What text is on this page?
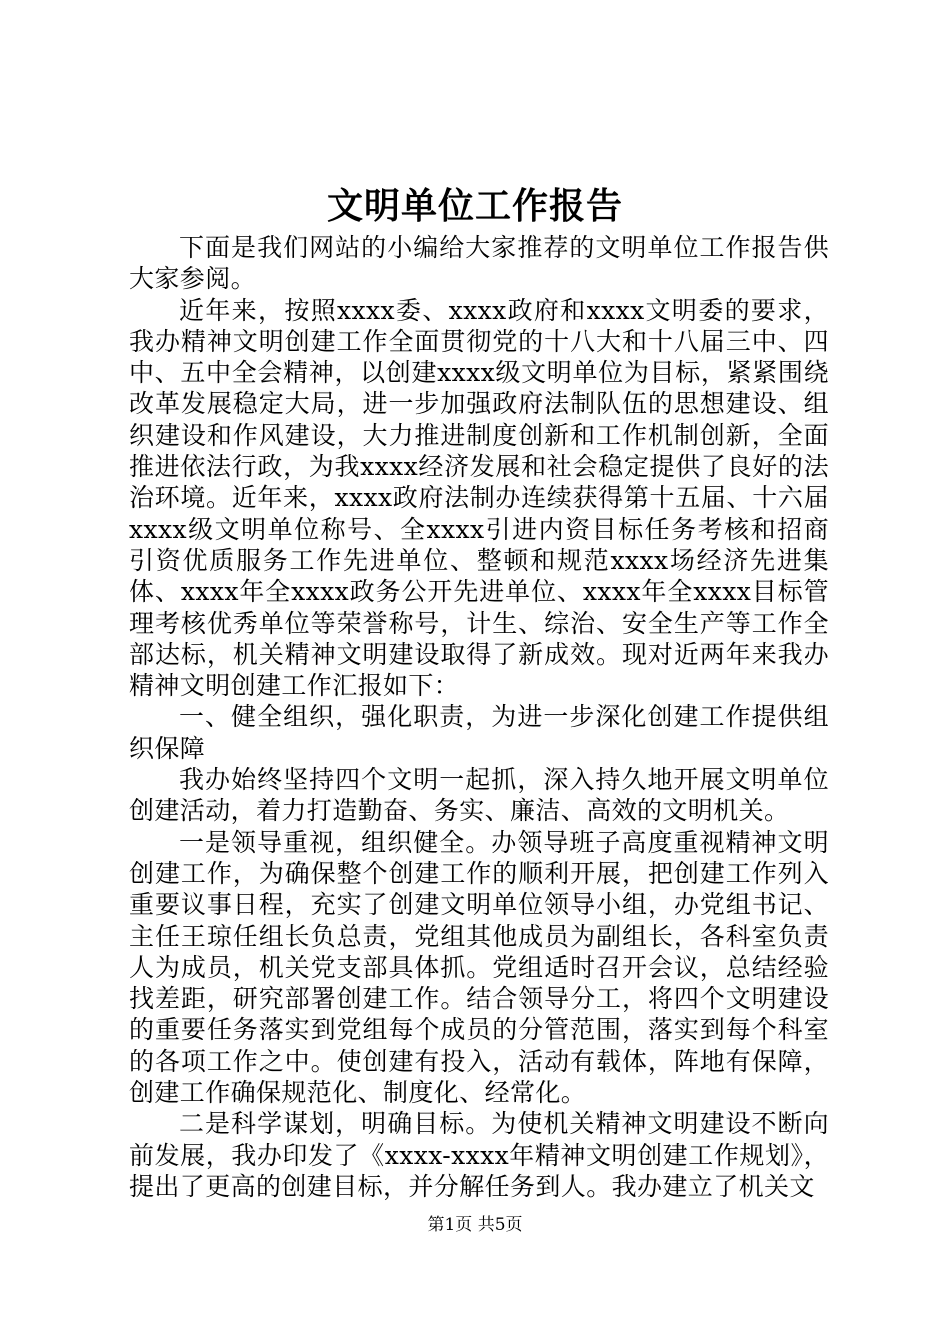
文明单位工作报告

下面是我们网站的小编给大家推荐的文明单位工作报告供大家参阅。

近年来，按照xxxx委、xxxx政府和xxxx文明委的要求，我办精神文明创建工作全面贯彻党的十八大和十八届三中、四中、五中全会精神，以创建xxxx级文明单位为目标，紧紧围绕改革发展稳定大局，进一步加强政府法制队伍的思想建设、组织建设和作风建设，大力推进制度创新和工作机制创新，全面推进依法行政，为我xxxx经济发展和社会稳定提供了良好的法治环境。近年来，xxxx政府法制办连续获得第十五届、十六届xxxx级文明单位称号、全xxxx引进内资目标任务考核和招商引资优质服务工作先进单位、整顿和规范xxxx场经济先进集体、xxxx年全xxxx政务公开先进单位、xxxx年全xxxx目标管理考核优秀单位等荣誉称号，计生、综治、安全生产等工作全部达标，机关精神文明建设取得了新成效。现对近两年来我办精神文明创建工作汇报如下：

一、健全组织，强化职责，为进一步深化创建工作提供组织保障

我办始终坚持四个文明一起抓，深入持久地开展文明单位创建活动，着力打造勤奋、务实、廉洁、高效的文明机关。

一是领导重视，组织健全。办领导班子高度重视精神文明创建工作，为确保整个创建工作的顺利开展，把创建工作列入重要议事日程，充实了创建文明单位领导小组，办党组书记、主任王琼任组长负总责，党组其他成员为副组长，各科室负责人为成员，机关党支部具体抓。党组适时召开会议，总结经验找差距，研究部署创建工作。结合领导分工，将四个文明建设的重要任务落实到党组每个成员的分管范围，落实到每个科室的各项工作之中。使创建有投入，活动有载体，阵地有保障，创建工作确保规范化、制度化、经常化。

二是科学谋划，明确目标。为使机关精神文明建设不断向前发展，我办印发了《xxxx-xxxx年精神文明创建工作规划》，提出了更高的创建目标，并分解任务到人。我办建立了机关文

第1页 共5页
